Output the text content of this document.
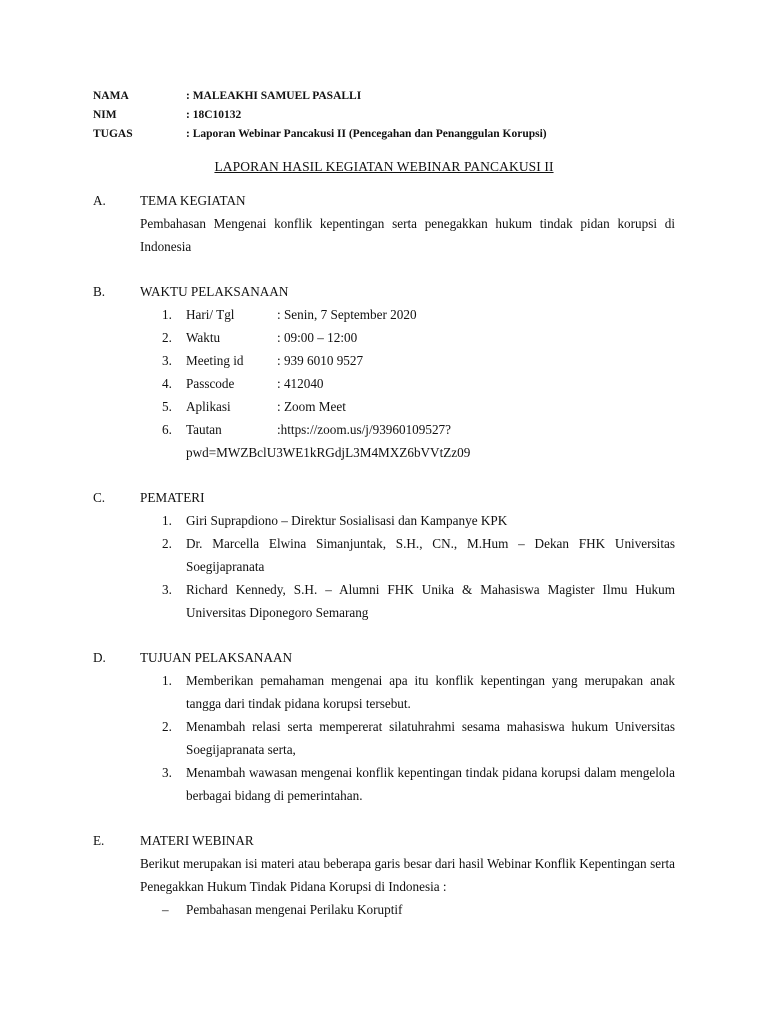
NAMA	: MALEAKHI SAMUEL PASALLI
NIM	: 18C10132
TUGAS	: Laporan Webinar Pancakusi II (Pencegahan dan Penanggulan Korupsi)
LAPORAN HASIL KEGIATAN WEBINAR PANCAKUSI II
A.	TEMA KEGIATAN
Pembahasan Mengenai konflik kepentingan serta penegakkan hukum tindak pidan korupsi di Indonesia
B.	WAKTU PELAKSANAAN
1.	Hari/ Tgl	: Senin, 7 September 2020
2.	Waktu	: 09:00 – 12:00
3.	Meeting id	: 939 6010 9527
4.	Passcode	: 412040
5.	Aplikasi	: Zoom Meet
6.	Tautan	:https://zoom.us/j/93960109527?
pwd=MWZBclU3WE1kRGdjL3M4MXZ6bVVtZz09
C.	PEMATERI
1.	Giri Suprapdiono – Direktur Sosialisasi dan Kampanye KPK
2.	Dr. Marcella Elwina Simanjuntak, S.H., CN., M.Hum – Dekan FHK Universitas Soegijapranata
3.	Richard Kennedy, S.H. – Alumni FHK Unika & Mahasiswa Magister Ilmu Hukum Universitas Diponegoro Semarang
D.	TUJUAN PELAKSANAAN
1.	Memberikan pemahaman mengenai apa itu konflik kepentingan yang merupakan anak tangga dari tindak pidana korupsi tersebut.
2.	Menambah relasi serta mempererat silatuhrahmi sesama mahasiswa hukum Universitas Soegijapranata serta,
3.	Menambah wawasan mengenai konflik kepentingan tindak pidana korupsi dalam mengelola berbagai bidang di pemerintahan.
E.	MATERI WEBINAR
Berikut merupakan isi materi atau beberapa garis besar dari hasil Webinar Konflik Kepentingan serta Penegakkan Hukum Tindak Pidana Korupsi di Indonesia :
–	Pembahasan mengenai Perilaku Koruptif
